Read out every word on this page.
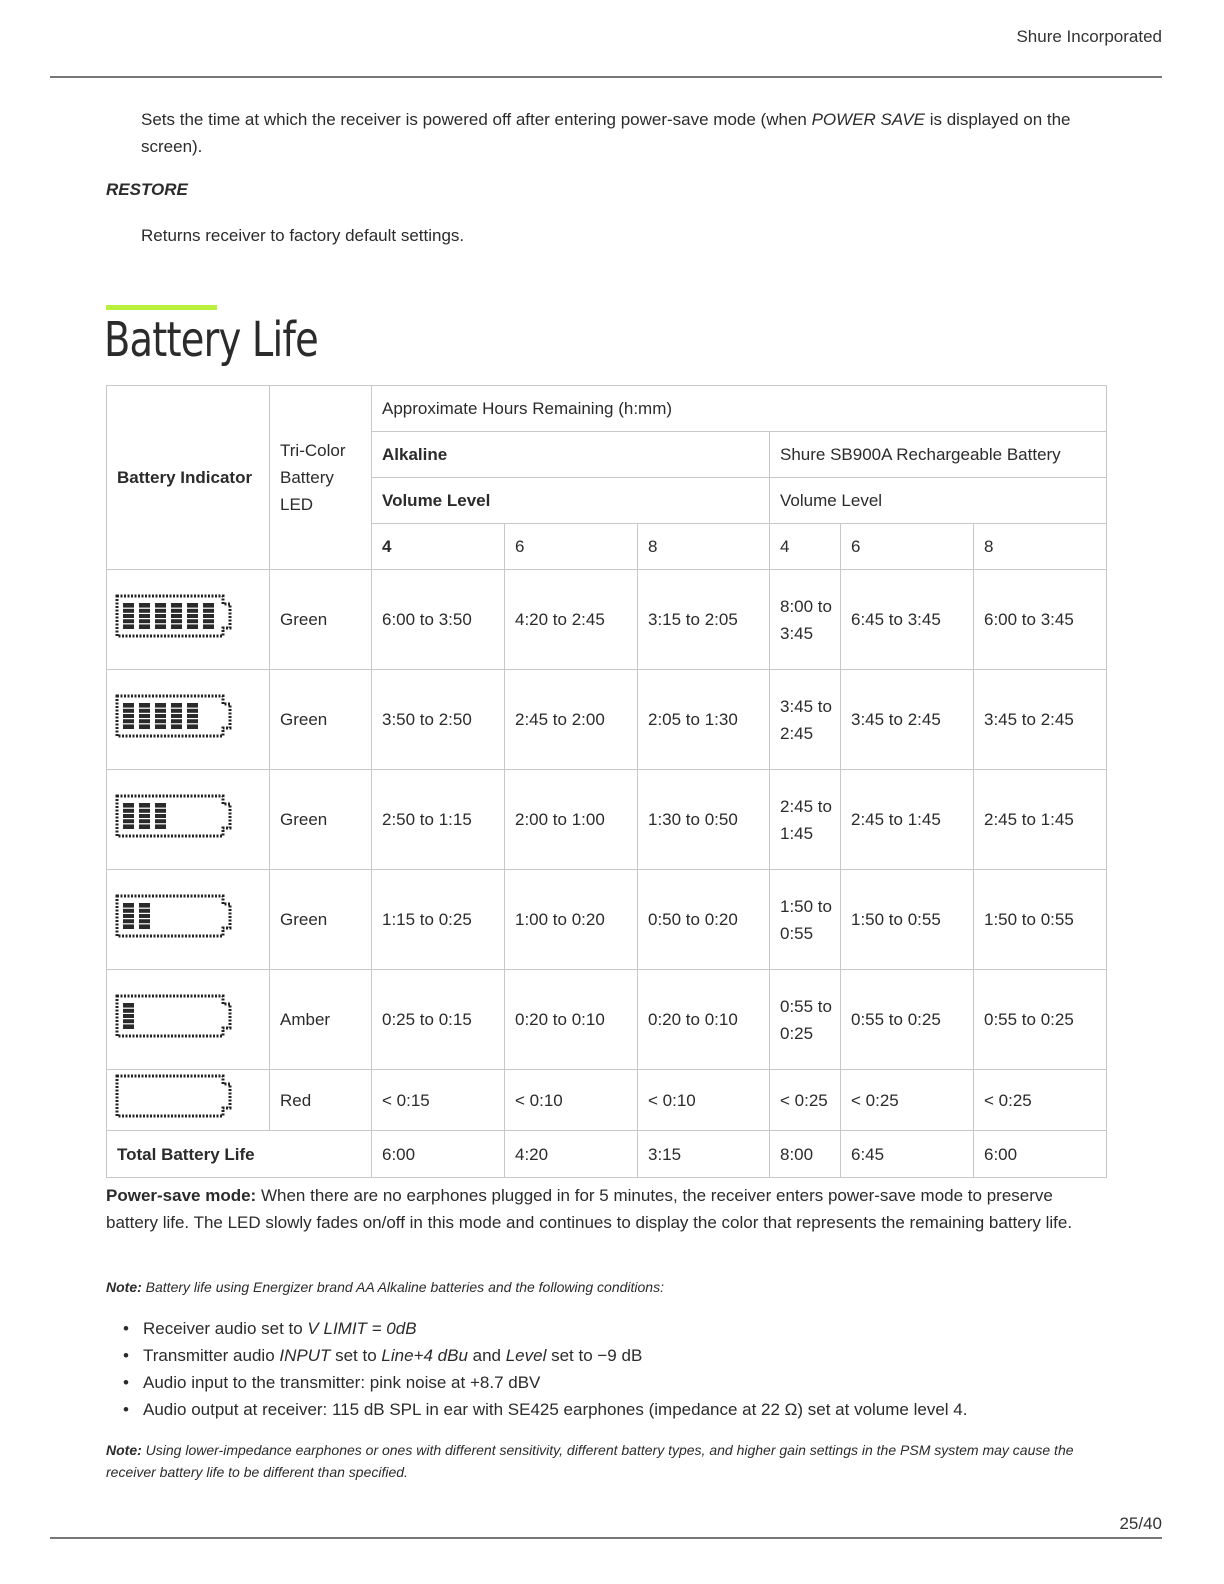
Shure Incorporated
Sets the time at which the receiver is powered off after entering power-save mode (when POWER SAVE is displayed on the screen).
RESTORE
Returns receiver to factory default settings.
Battery Life
Battery Indicator	Tri-Color Battery LED	Approximate Hours Remaining (h:mm)					
		Alkaline			Shure SB900A Rechargeable Battery		
		Volume Level			Volume Level		
		4	6	8	4	6	8
	Green	6:00 to 3:50	4:20 to 2:45	3:15 to 2:05	8:00 to 3:45	6:45 to 3:45	6:00 to 3:45
	Green	3:50 to 2:50	2:45 to 2:00	2:05 to 1:30	3:45 to 2:45	3:45 to 2:45	3:45 to 2:45
	Green	2:50 to 1:15	2:00 to 1:00	1:30 to 0:50	2:45 to 1:45	2:45 to 1:45	2:45 to 1:45
	Green	1:15 to 0:25	1:00 to 0:20	0:50 to 0:20	1:50 to 0:55	1:50 to 0:55	1:50 to 0:55
	Amber	0:25 to 0:15	0:20 to 0:10	0:20 to 0:10	0:55 to 0:25	0:55 to 0:25	0:55 to 0:25
	Red	< 0:15	< 0:10	< 0:10	< 0:25	< 0:25	< 0:25
Total Battery Life		6:00	4:20	3:15	8:00	6:45	6:00
Power-save mode: When there are no earphones plugged in for 5 minutes, the receiver enters power-save mode to preserve battery life. The LED slowly fades on/off in this mode and continues to display the color that represents the remaining battery life.
Note: Battery life using Energizer brand AA Alkaline batteries and the following conditions:
• Receiver audio set to V LIMIT = 0dB
• Transmitter audio INPUT set to Line+4 dBu and Level set to −9 dB
• Audio input to the transmitter: pink noise at +8.7 dBV
• Audio output at receiver: 115 dB SPL in ear with SE425 earphones (impedance at 22 Ω) set at volume level 4.
Note: Using lower-impedance earphones or ones with different sensitivity, different battery types, and higher gain settings in the PSM system may cause the receiver battery life to be different than specified.
25/40
